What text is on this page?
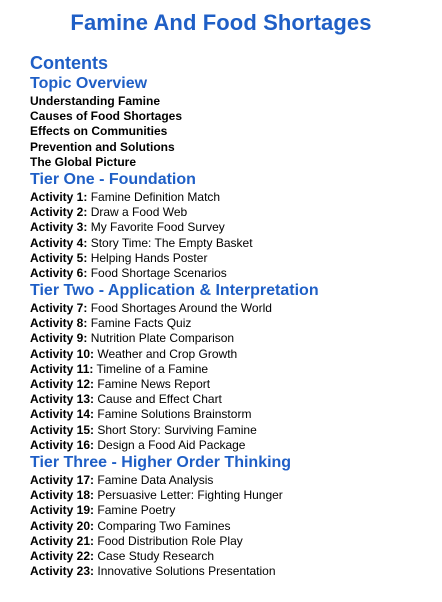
Famine And Food Shortages
Contents
Topic Overview
Understanding Famine
Causes of Food Shortages
Effects on Communities
Prevention and Solutions
The Global Picture
Tier One - Foundation
Activity 1: Famine Definition Match
Activity 2: Draw a Food Web
Activity 3: My Favorite Food Survey
Activity 4: Story Time: The Empty Basket
Activity 5: Helping Hands Poster
Activity 6: Food Shortage Scenarios
Tier Two - Application & Interpretation
Activity 7: Food Shortages Around the World
Activity 8: Famine Facts Quiz
Activity 9: Nutrition Plate Comparison
Activity 10: Weather and Crop Growth
Activity 11: Timeline of a Famine
Activity 12: Famine News Report
Activity 13: Cause and Effect Chart
Activity 14: Famine Solutions Brainstorm
Activity 15: Short Story: Surviving Famine
Activity 16: Design a Food Aid Package
Tier Three - Higher Order Thinking
Activity 17: Famine Data Analysis
Activity 18: Persuasive Letter: Fighting Hunger
Activity 19: Famine Poetry
Activity 20: Comparing Two Famines
Activity 21: Food Distribution Role Play
Activity 22: Case Study Research
Activity 23: Innovative Solutions Presentation
